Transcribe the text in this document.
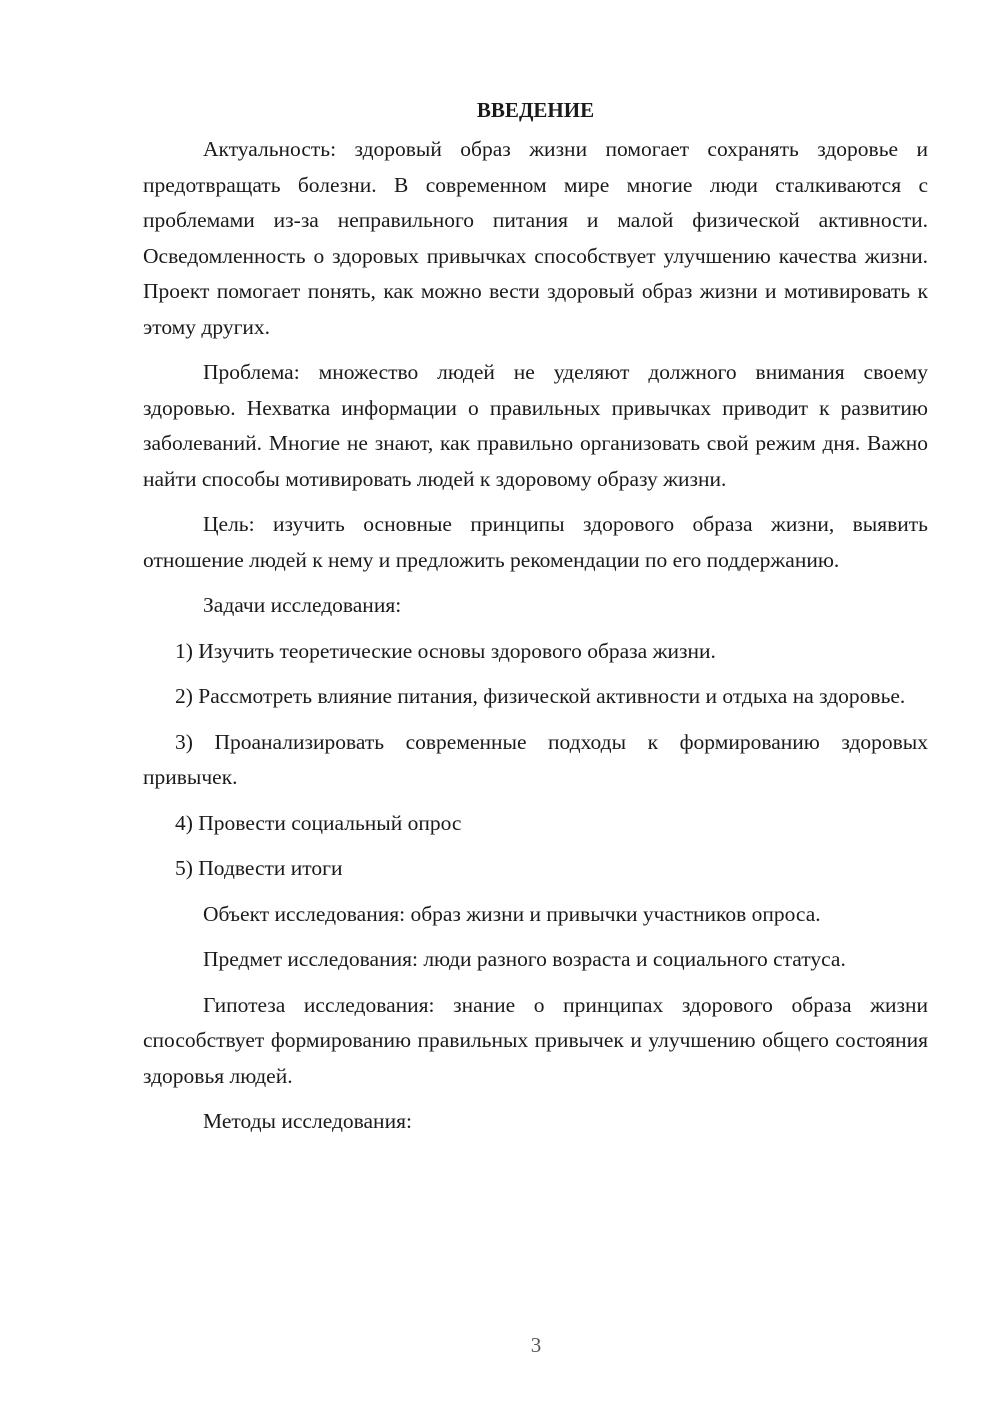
ВВЕДЕНИЕ

Актуальность: здоровый образ жизни помогает сохранять здоровье и предотвращать болезни. В современном мире многие люди сталкиваются с проблемами из-за неправильного питания и малой физической активности. Осведомленность о здоровых привычках способствует улучшению качества жизни. Проект помогает понять, как можно вести здоровый образ жизни и мотивировать к этому других.

Проблема: множество людей не уделяют должного внимания своему здоровью. Нехватка информации о правильных привычках приводит к развитию заболеваний. Многие не знают, как правильно организовать свой режим дня. Важно найти способы мотивировать людей к здоровому образу жизни.

Цель: изучить основные принципы здорового образа жизни, выявить отношение людей к нему и предложить рекомендации по его поддержанию.

Задачи исследования:

1) Изучить теоретические основы здорового образа жизни.

2) Рассмотреть влияние питания, физической активности и отдыха на здоровье.

3) Проанализировать современные подходы к формированию здоровых привычек.

4) Провести социальный опрос

5) Подвести итоги

Объект исследования: образ жизни и привычки участников опроса.

Предмет исследования: люди разного возраста и социального статуса.

Гипотеза исследования: знание о принципах здорового образа жизни способствует формированию правильных привычек и улучшению общего состояния здоровья людей.

Методы исследования:

3
